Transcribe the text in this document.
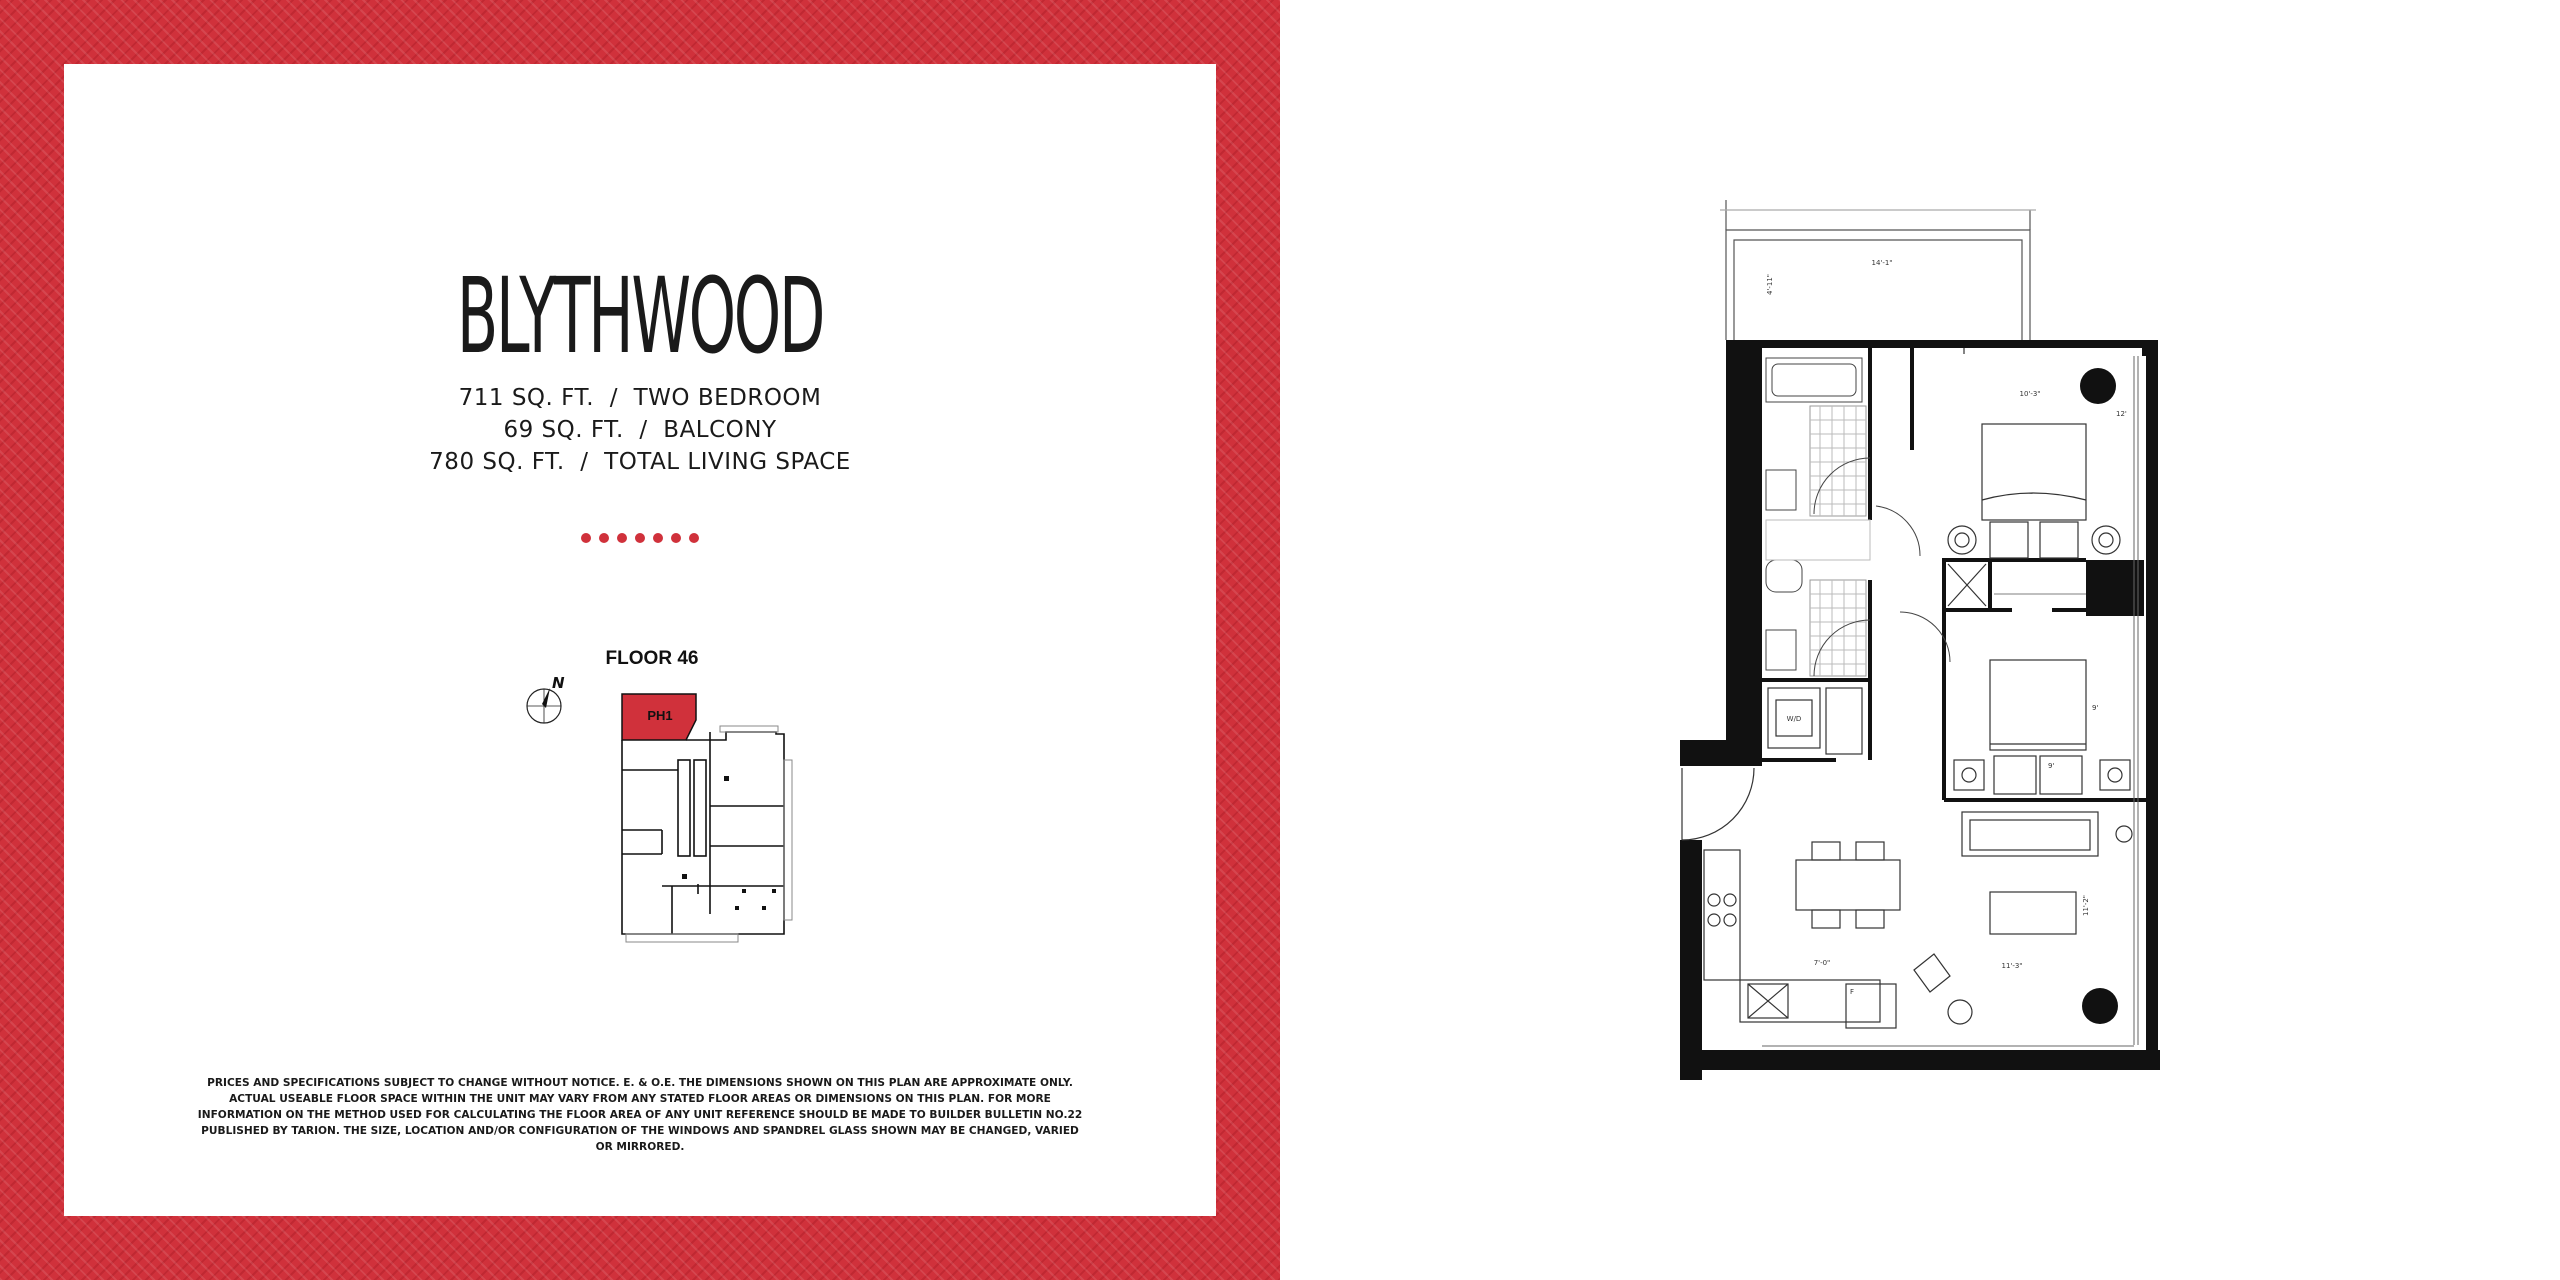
BLYTHWOOD
711 SQ. FT.  /  TWO BEDROOM
69 SQ. FT.  /  BALCONY
780 SQ. FT.  /  TOTAL LIVING SPACE
N
FLOOR 46
PH1
PRICES AND SPECIFICATIONS SUBJECT TO CHANGE WITHOUT NOTICE. E. & O.E. THE DIMENSIONS SHOWN ON THIS PLAN ARE APPROXIMATE ONLY. ACTUAL USEABLE FLOOR SPACE WITHIN THE UNIT MAY VARY FROM ANY STATED FLOOR AREAS OR DIMENSIONS ON THIS PLAN. FOR MORE INFORMATION ON THE METHOD USED FOR CALCULATING THE FLOOR AREA OF ANY UNIT REFERENCE SHOULD BE MADE TO BUILDER BULLETIN NO.22 PUBLISHED BY TARION. THE SIZE, LOCATION AND/OR CONFIGURATION OF THE WINDOWS AND SPANDREL GLASS SHOWN MAY BE CHANGED, VARIED OR MIRRORED.
14'-1"
4'-11"
W/D
10'-3"
12'
9'
9'
F
7'-0"	11'-3"
11'-2"
